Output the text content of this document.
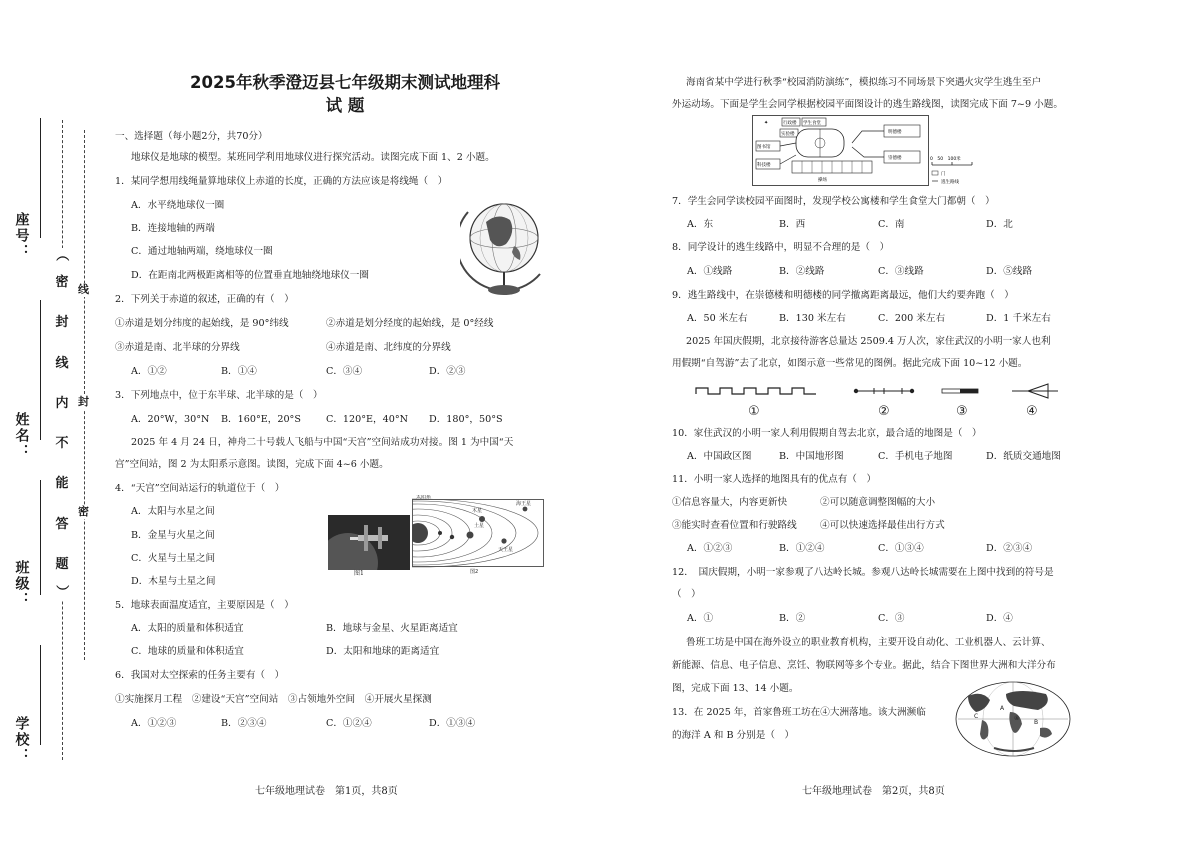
座号：
姓名：
班级：
学校：
（
密
封
线
内
不
能
答
题
）
密
封
线
2025年秋季澄迈县七年级期末测试地理科
试 题
一、选择题（每小题2分，共70分）
地球仪是地球的模型。某班同学利用地球仪进行探究活动。读图完成下面 1、2 小题。
1．某同学想用线绳量算地球仪上赤道的长度，正确的方法应该是将线绳（　）
A．水平绕地球仪一圈
B．连接地轴的两端
C．通过地轴两端，绕地球仪一圈
D．在距南北两极距离相等的位置垂直地轴绕地球仪一圈
2．下列关于赤道的叙述，正确的有（　）
①赤道是划分纬度的起始线，是 90°纬线	②赤道是划分经度的起始线，是 0°经线
③赤道是南、北半球的分界线	④赤道是南、北纬度的分界线
A．①②	B．①④	C．③④	D．②③
3．下列地点中，位于东半球、北半球的是（　）
A．20°W，30°N B．160°E，20°S	C．120°E，40°N D．180°，50°S
2025 年 4 月 24 日，神舟二十号载人飞船与中国“天宫”空间站成功对接。图 1 为中国“天
宫”空间站，图 2 为太阳系示意图。读图，完成下面 4~6 小题。
4．“天宫”空间站运行的轨道位于（　）
A．太阳与水星之间
B．金星与火星之间
C．火星与土星之间
D．木星与土星之间
图1
太阳系
木星
土星
天王星
海王星
图2
5．地球表面温度适宜，主要原因是（　）
A．太阳的质量和体积适宜	B．地球与金星、火星距离适宜
C．地球的质量和体积适宜	D．太阳和地球的距离适宜
6．我国对太空探索的任务主要有（　）
①实施探月工程　②建设“天宫”空间站　③占领地外空间　④开展火星探测
A．①②③	B．②③④	C．①②④	D．①③④
七年级地理试卷　第1页，共8页
海南省某中学进行秋季“校园消防演练”，模拟练习不同场景下突遇火灾学生逃生至户
外运动场。下面是学生会同学根据校园平面图设计的逃生路线图，读图完成下面 7~9 小题。
✦	行政楼 学生食堂
实验楼
图书馆
科技楼
操场
明德楼
崇德楼	0　50　100米
门
逃生路线
7．学生会同学读校园平面图时，发现学校公寓楼和学生食堂大门都朝（　）
A．东	B．西	C．南	D．北
8．同学设计的逃生线路中，明显不合理的是（　）
A．①线路	B．②线路	C．③线路	D．⑤线路
9．逃生路线中，在崇德楼和明德楼的同学撤离距离最远，他们大约要奔跑（　）
A．50 米左右	B．130 米左右	C．200 米左右	D．1 千米左右
2025 年国庆假期，北京接待游客总量达 2509.4 万人次，家住武汉的小明一家人也利
用假期“自驾游”去了北京，如图示意一些常见的图例。据此完成下面 10~12 小题。
①	②	③	④
10．家住武汉的小明一家人利用假期自驾去北京，最合适的地图是（　）
A．中国政区图	B．中国地形图	C．手机电子地图	D．纸质交通地图
11．小明一家人选择的地图具有的优点有（　）
①信息容量大，内容更新快	②可以随意调整图幅的大小
③能实时查看位置和行驶路线 ④可以快速选择最佳出行方式
A．①②③	B．①②④	C．①③④	D．②③④
12．　国庆假期，小明一家参观了八达岭长城。参观八达岭长城需要在上图中找到的符号是
（　）
A．①	B．②	C．③	D．④
鲁班工坊是中国在海外设立的职业教育机构，主要开设自动化、工业机器人、云计算、
新能源、信息、电子信息、烹饪、物联网等多个专业。据此，结合下图世界大洲和大洋分布
图，完成下面 13、14 小题。
13．在 2025 年，首家鲁班工坊在④大洲落地。该大洲濒临
的海洋 A 和 B 分别是（　）
A
B
C	④
七年级地理试卷　第2页，共8页
